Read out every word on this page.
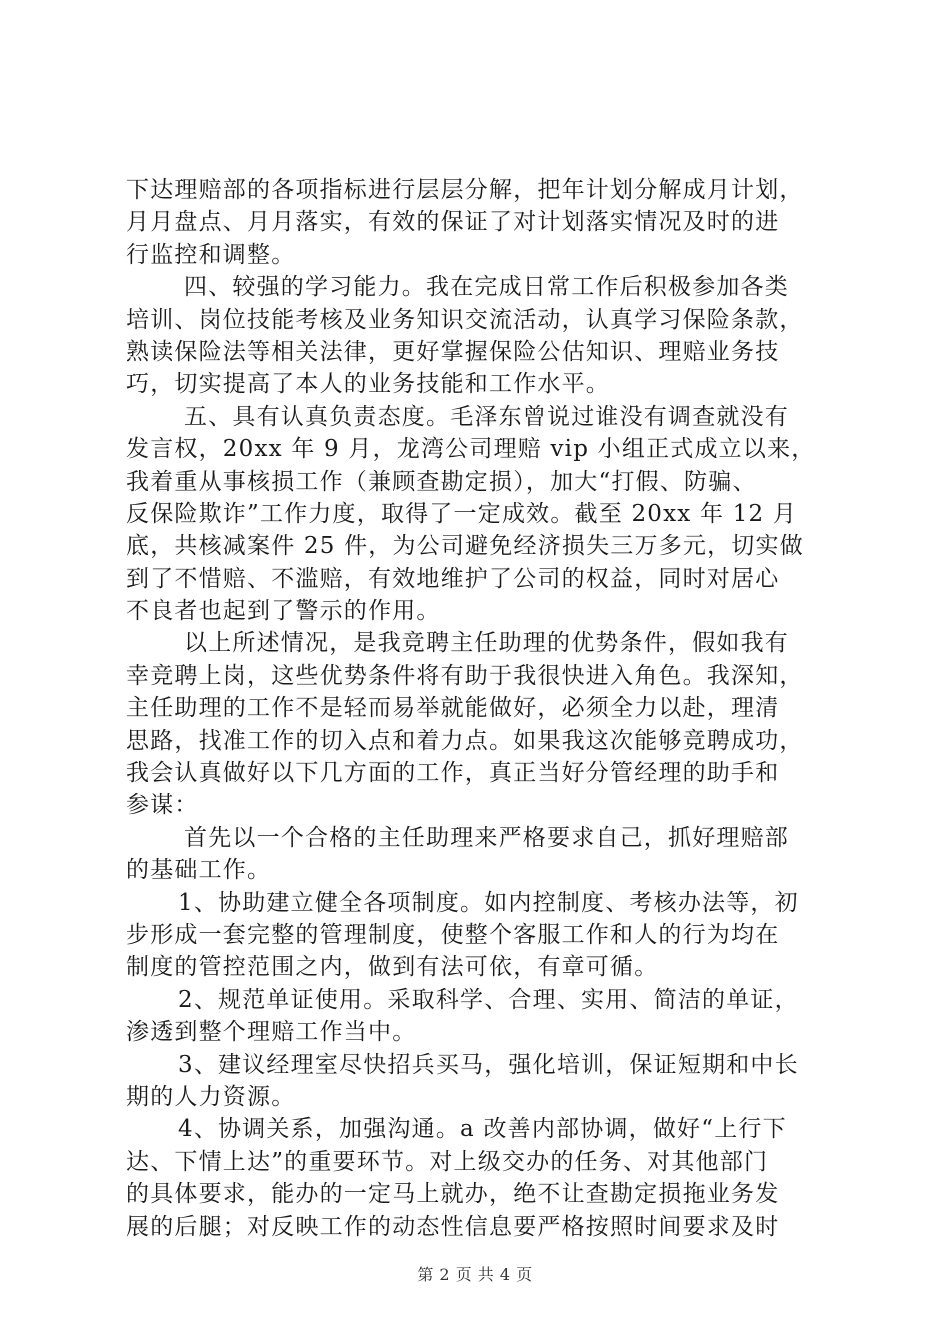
下达理赔部的各项指标进行层层分解，把年计划分解成月计划，
月月盘点、月月落实，有效的保证了对计划落实情况及时的进
行监控和调整。
四、较强的学习能力。我在完成日常工作后积极参加各类
培训、岗位技能考核及业务知识交流活动，认真学习保险条款，
熟读保险法等相关法律，更好掌握保险公估知识、理赔业务技
巧，切实提高了本人的业务技能和工作水平。
五、具有认真负责态度。毛泽东曾说过谁没有调查就没有
发言权，20xx 年 9 月，龙湾公司理赔 vip 小组正式成立以来，
我着重从事核损工作（兼顾查勘定损），加大“打假、防骗、
反保险欺诈”工作力度，取得了一定成效。截至 20xx 年 12 月
底，共核减案件 25 件，为公司避免经济损失三万多元，切实做
到了不惜赔、不滥赔，有效地维护了公司的权益，同时对居心
不良者也起到了警示的作用。
以上所述情况，是我竞聘主任助理的优势条件，假如我有
幸竞聘上岗，这些优势条件将有助于我很快进入角色。我深知，
主任助理的工作不是轻而易举就能做好，必须全力以赴，理清
思路，找准工作的切入点和着力点。如果我这次能够竞聘成功，
我会认真做好以下几方面的工作，真正当好分管经理的助手和
参谋：
首先以一个合格的主任助理来严格要求自己，抓好理赔部
的基础工作。
1、协助建立健全各项制度。如内控制度、考核办法等，初
步形成一套完整的管理制度，使整个客服工作和人的行为均在
制度的管控范围之内，做到有法可依，有章可循。
2、规范单证使用。采取科学、合理、实用、简洁的单证，
渗透到整个理赔工作当中。
3、建议经理室尽快招兵买马，强化培训，保证短期和中长
期的人力资源。
4、协调关系，加强沟通。a 改善内部协调，做好“上行下
达、下情上达”的重要环节。对上级交办的任务、对其他部门
的具体要求，能办的一定马上就办，绝不让查勘定损拖业务发
展的后腿；对反映工作的动态性信息要严格按照时间要求及时
第 2 页 共 4 页
